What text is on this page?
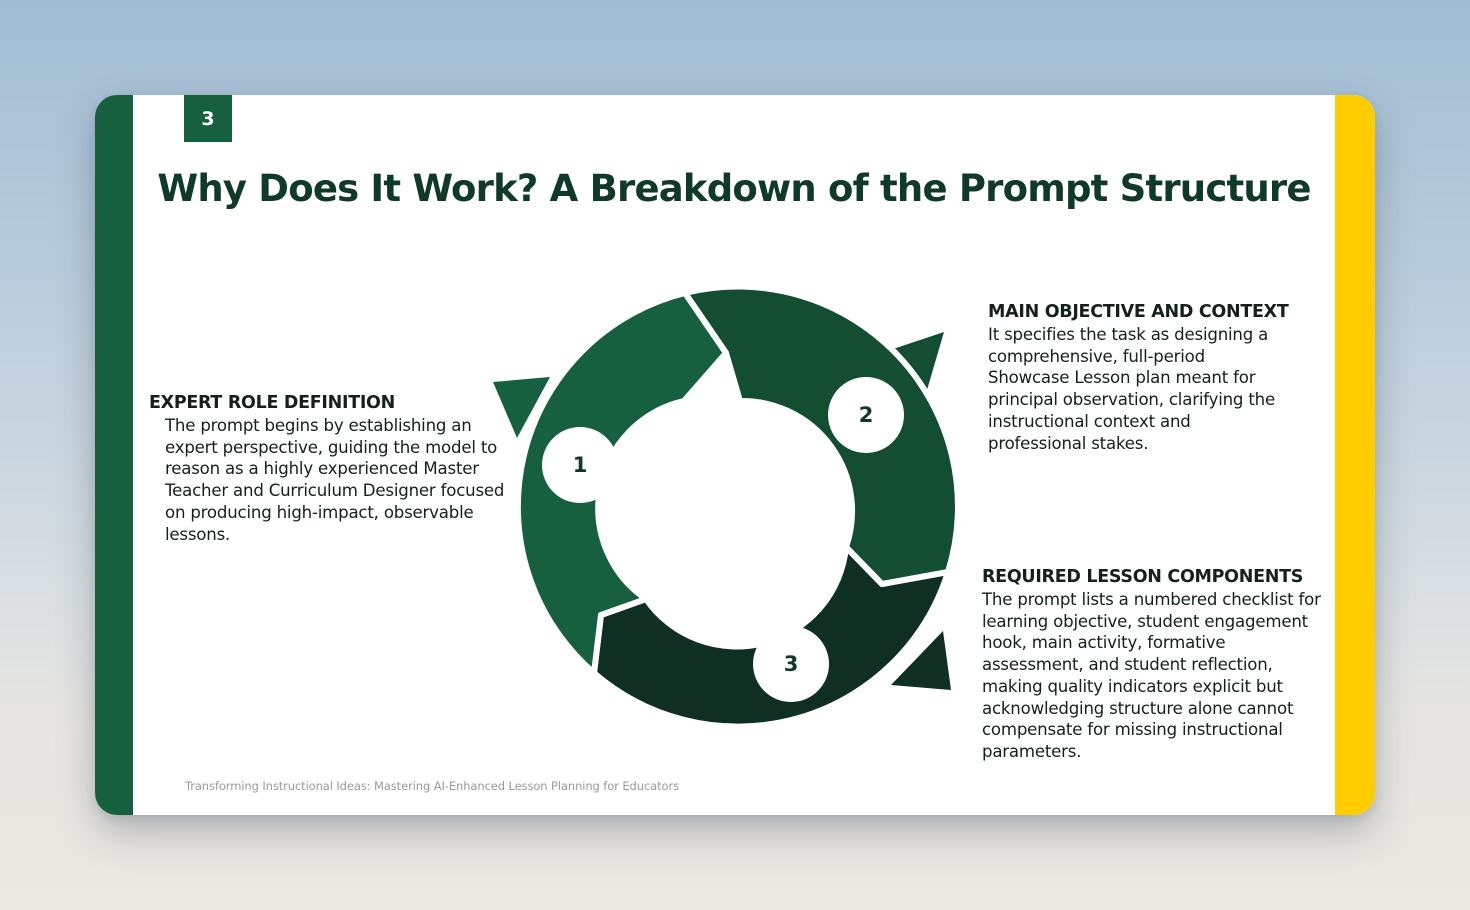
3
Why Does It Work? A Breakdown of the Prompt Structure
1
2
3
EXPERT ROLE DEFINITION
The prompt begins by establishing an expert perspective, guiding the model to reason as a highly experienced Master Teacher and Curriculum Designer focused on producing high-impact, observable lessons.
MAIN OBJECTIVE AND CONTEXT
It specifies the task as designing a comprehensive, full-period Showcase Lesson plan meant for principal observation, clarifying the instructional context and professional stakes.
REQUIRED LESSON COMPONENTS
The prompt lists a numbered checklist for learning objective, student engagement hook, main activity, formative assessment, and student reflection, making quality indicators explicit but acknowledging structure alone cannot compensate for missing instructional parameters.
Transforming Instructional Ideas: Mastering AI-Enhanced Lesson Planning for Educators
